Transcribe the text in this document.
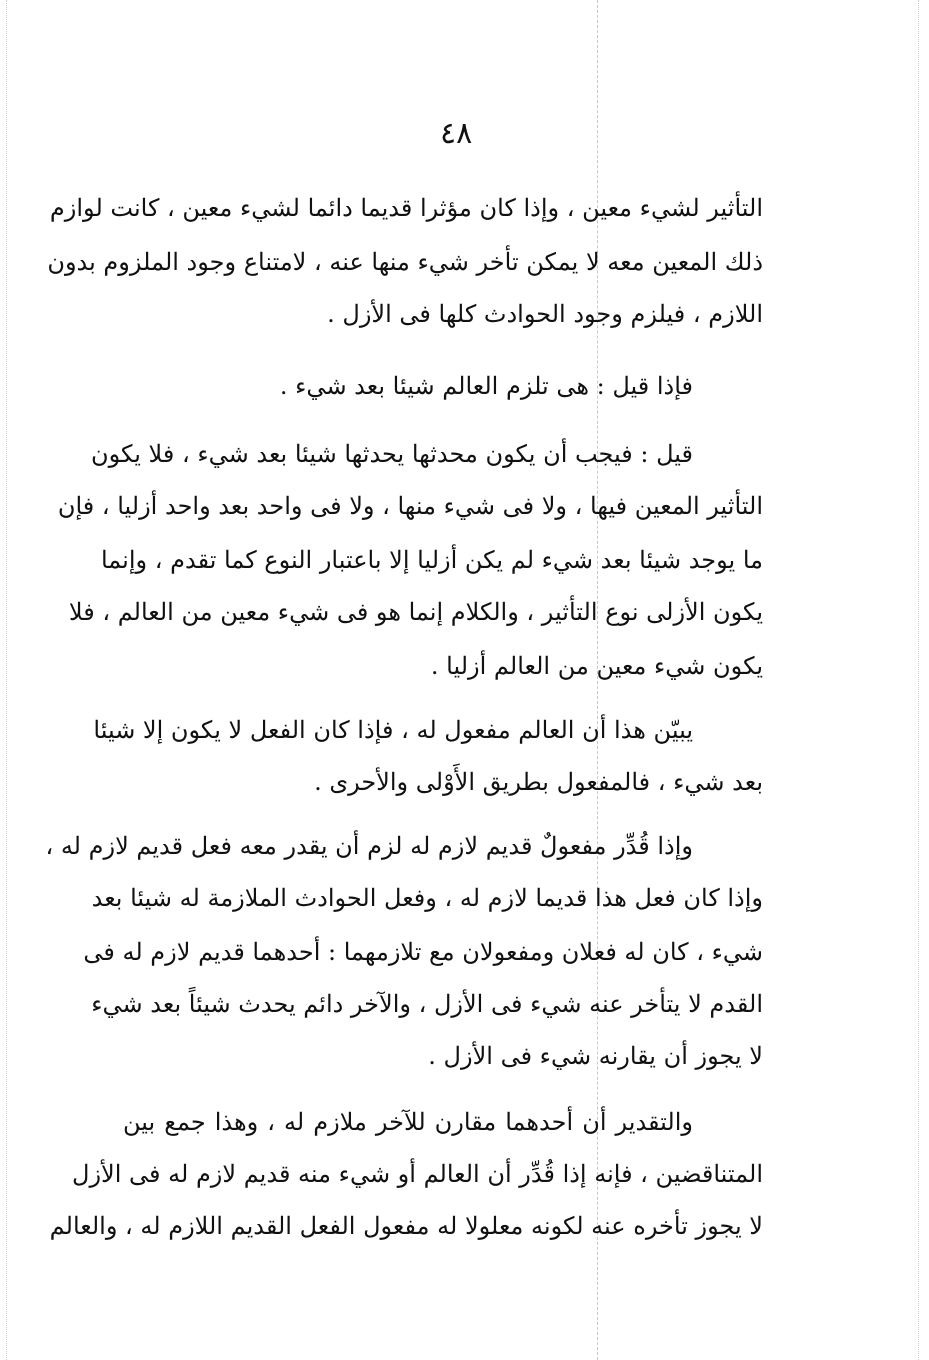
٤٨
التأثير لشيء معين ، وإذا كان مؤثرا قديما دائما لشيء معين ، كانت لوازم
ذلك المعين معه لا يمكن تأخر شيء منها عنه ، لامتناع وجود الملزوم بدون
اللازم ، فيلزم وجود الحوادث كلها فى الأزل .
فإذا قيل : هى تلزم العالم شيئا بعد شيء .
قيل : فيجب أن يكون محدثها يحدثها شيئا بعد شيء ، فلا يكون
التأثير المعين فيها ، ولا فى شيء منها ، ولا فى واحد بعد واحد أزليا ، فإن
ما يوجد شيئا بعد شيء لم يكن أزليا إلا باعتبار النوع كما تقدم ، وإنما
يكون الأزلى نوع التأثير ، والكلام إنما هو فى شيء معين من العالم ، فلا
يكون شيء معين من العالم أزليا .
يبيّن هذا أن العالم مفعول له ، فإذا كان الفعل لا يكون إلا شيئا
بعد شيء ، فالمفعول بطريق الأَوْلى والأحرى .
وإذا قُدِّر مفعولٌ قديم لازم له لزم أن يقدر معه فعل قديم لازم له ،
وإذا كان فعل هذا قديما لازم له ، وفعل الحوادث الملازمة له شيئا بعد
شيء ، كان له فعلان ومفعولان مع تلازمهما : أحدهما قديم لازم له فى
القدم لا يتأخر عنه شيء فى الأزل ، والآخر دائم يحدث شيئاً بعد شيء
لا يجوز أن يقارنه شيء فى الأزل .
والتقدير أن أحدهما مقارن للآخر ملازم له ، وهذا جمع بين
المتناقضين ، فإنه إذا قُدِّر أن العالم أو شيء منه قديم لازم له فى الأزل
لا يجوز تأخره عنه لكونه معلولا له مفعول الفعل القديم اللازم له ، والعالم
